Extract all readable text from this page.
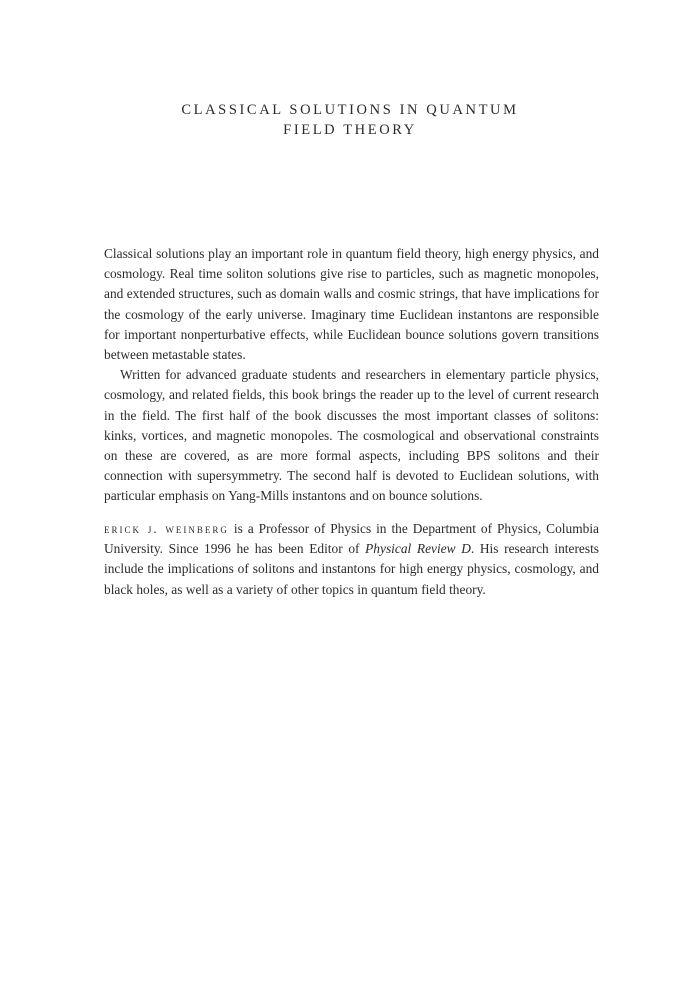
CLASSICAL SOLUTIONS IN QUANTUM
FIELD THEORY

Classical solutions play an important role in quantum field theory, high energy physics, and cosmology. Real time soliton solutions give rise to particles, such as magnetic monopoles, and extended structures, such as domain walls and cosmic strings, that have implications for the cosmology of the early universe. Imaginary time Euclidean instantons are responsible for important nonperturbative effects, while Euclidean bounce solutions govern transitions between metastable states.

Written for advanced graduate students and researchers in elementary particle physics, cosmology, and related fields, this book brings the reader up to the level of current research in the field. The first half of the book discusses the most important classes of solitons: kinks, vortices, and magnetic monopoles. The cosmological and observational constraints on these are covered, as are more formal aspects, including BPS solitons and their connection with supersymmetry. The second half is devoted to Euclidean solutions, with particular emphasis on Yang-Mills instantons and on bounce solutions.

erick j. weinberg is a Professor of Physics in the Department of Physics, Columbia University. Since 1996 he has been Editor of Physical Review D. His research interests include the implications of solitons and instantons for high energy physics, cosmology, and black holes, as well as a variety of other topics in quantum field theory.
